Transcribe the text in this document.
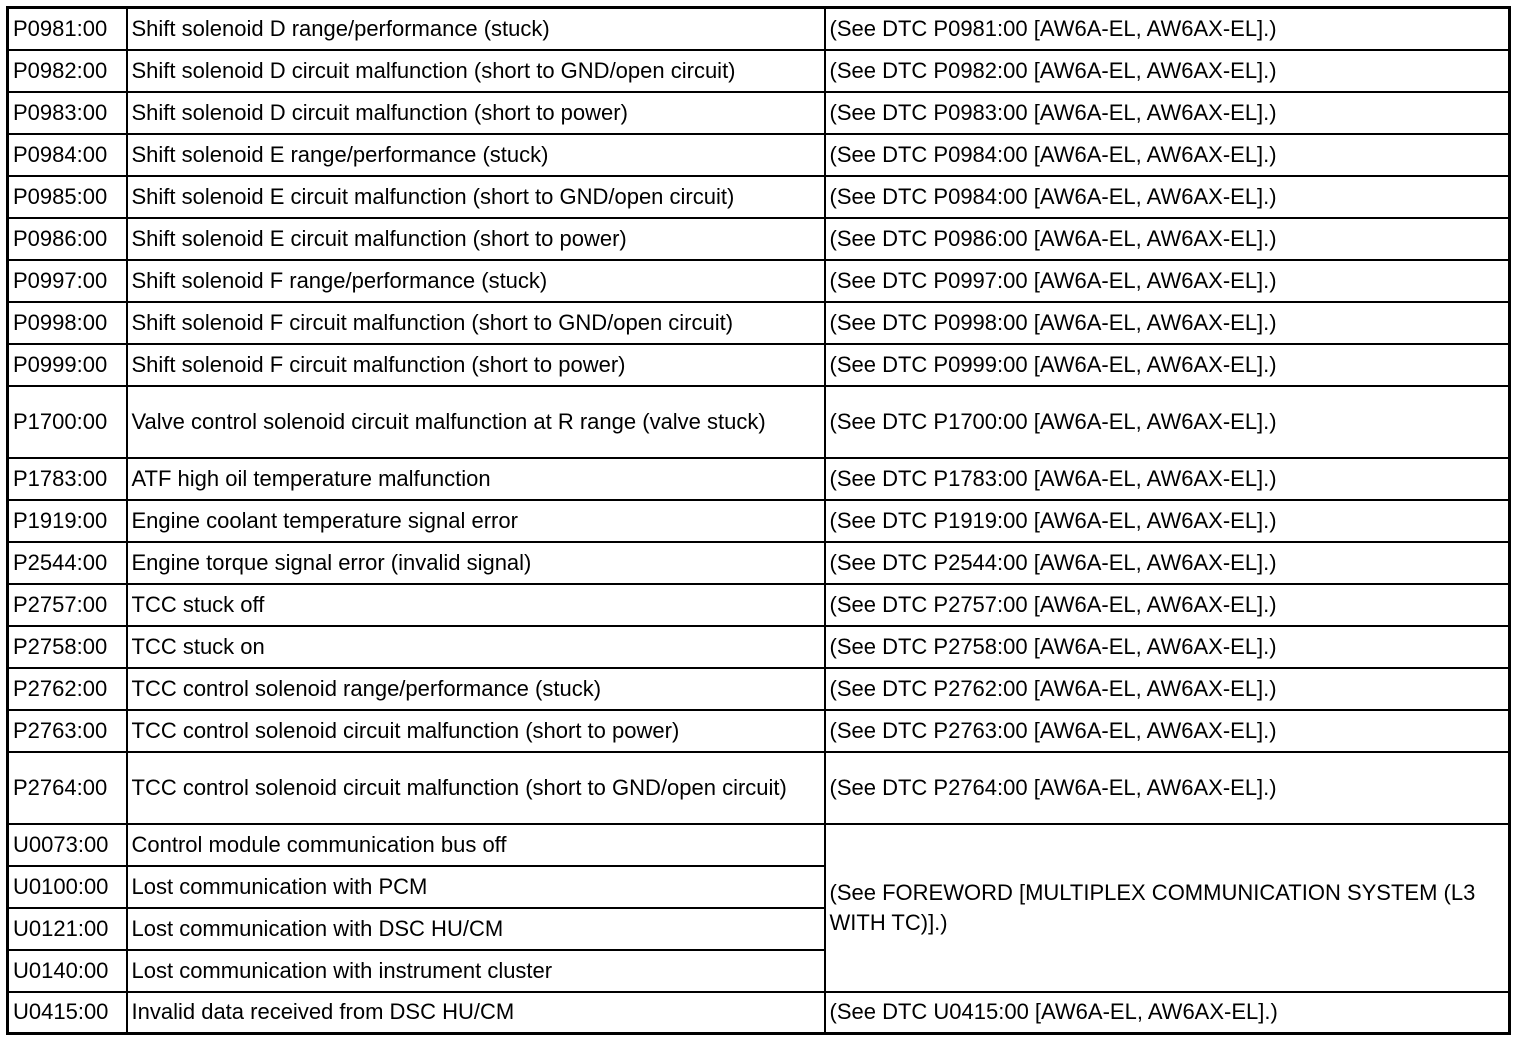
P0981:00	Shift solenoid D range/performance (stuck)	(See DTC P0981:00 [AW6A-EL, AW6AX-EL].)
P0982:00	Shift solenoid D circuit malfunction (short to GND/open circuit)	(See DTC P0982:00 [AW6A-EL, AW6AX-EL].)
P0983:00	Shift solenoid D circuit malfunction (short to power)	(See DTC P0983:00 [AW6A-EL, AW6AX-EL].)
P0984:00	Shift solenoid E range/performance (stuck)	(See DTC P0984:00 [AW6A-EL, AW6AX-EL].)
P0985:00	Shift solenoid E circuit malfunction (short to GND/open circuit)	(See DTC P0984:00 [AW6A-EL, AW6AX-EL].)
P0986:00	Shift solenoid E circuit malfunction (short to power)	(See DTC P0986:00 [AW6A-EL, AW6AX-EL].)
P0997:00	Shift solenoid F range/performance (stuck)	(See DTC P0997:00 [AW6A-EL, AW6AX-EL].)
P0998:00	Shift solenoid F circuit malfunction (short to GND/open circuit)	(See DTC P0998:00 [AW6A-EL, AW6AX-EL].)
P0999:00	Shift solenoid F circuit malfunction (short to power)	(See DTC P0999:00 [AW6A-EL, AW6AX-EL].)
P1700:00	Valve control solenoid circuit malfunction at R range (valve stuck)	(See DTC P1700:00 [AW6A-EL, AW6AX-EL].)
P1783:00	ATF high oil temperature malfunction	(See DTC P1783:00 [AW6A-EL, AW6AX-EL].)
P1919:00	Engine coolant temperature signal error	(See DTC P1919:00 [AW6A-EL, AW6AX-EL].)
P2544:00	Engine torque signal error (invalid signal)	(See DTC P2544:00 [AW6A-EL, AW6AX-EL].)
P2757:00	TCC stuck off	(See DTC P2757:00 [AW6A-EL, AW6AX-EL].)
P2758:00	TCC stuck on	(See DTC P2758:00 [AW6A-EL, AW6AX-EL].)
P2762:00	TCC control solenoid range/performance (stuck)	(See DTC P2762:00 [AW6A-EL, AW6AX-EL].)
P2763:00	TCC control solenoid circuit malfunction (short to power)	(See DTC P2763:00 [AW6A-EL, AW6AX-EL].)
P2764:00	TCC control solenoid circuit malfunction (short to GND/open circuit)	(See DTC P2764:00 [AW6A-EL, AW6AX-EL].)
U0073:00	Control module communication bus off	(See FOREWORD [MULTIPLEX COMMUNICATION SYSTEM (L3 WITH TC)].)
U0100:00	Lost communication with PCM	
U0121:00	Lost communication with DSC HU/CM	
U0140:00	Lost communication with instrument cluster	
U0415:00	Invalid data received from DSC HU/CM	(See DTC U0415:00 [AW6A-EL, AW6AX-EL].)
